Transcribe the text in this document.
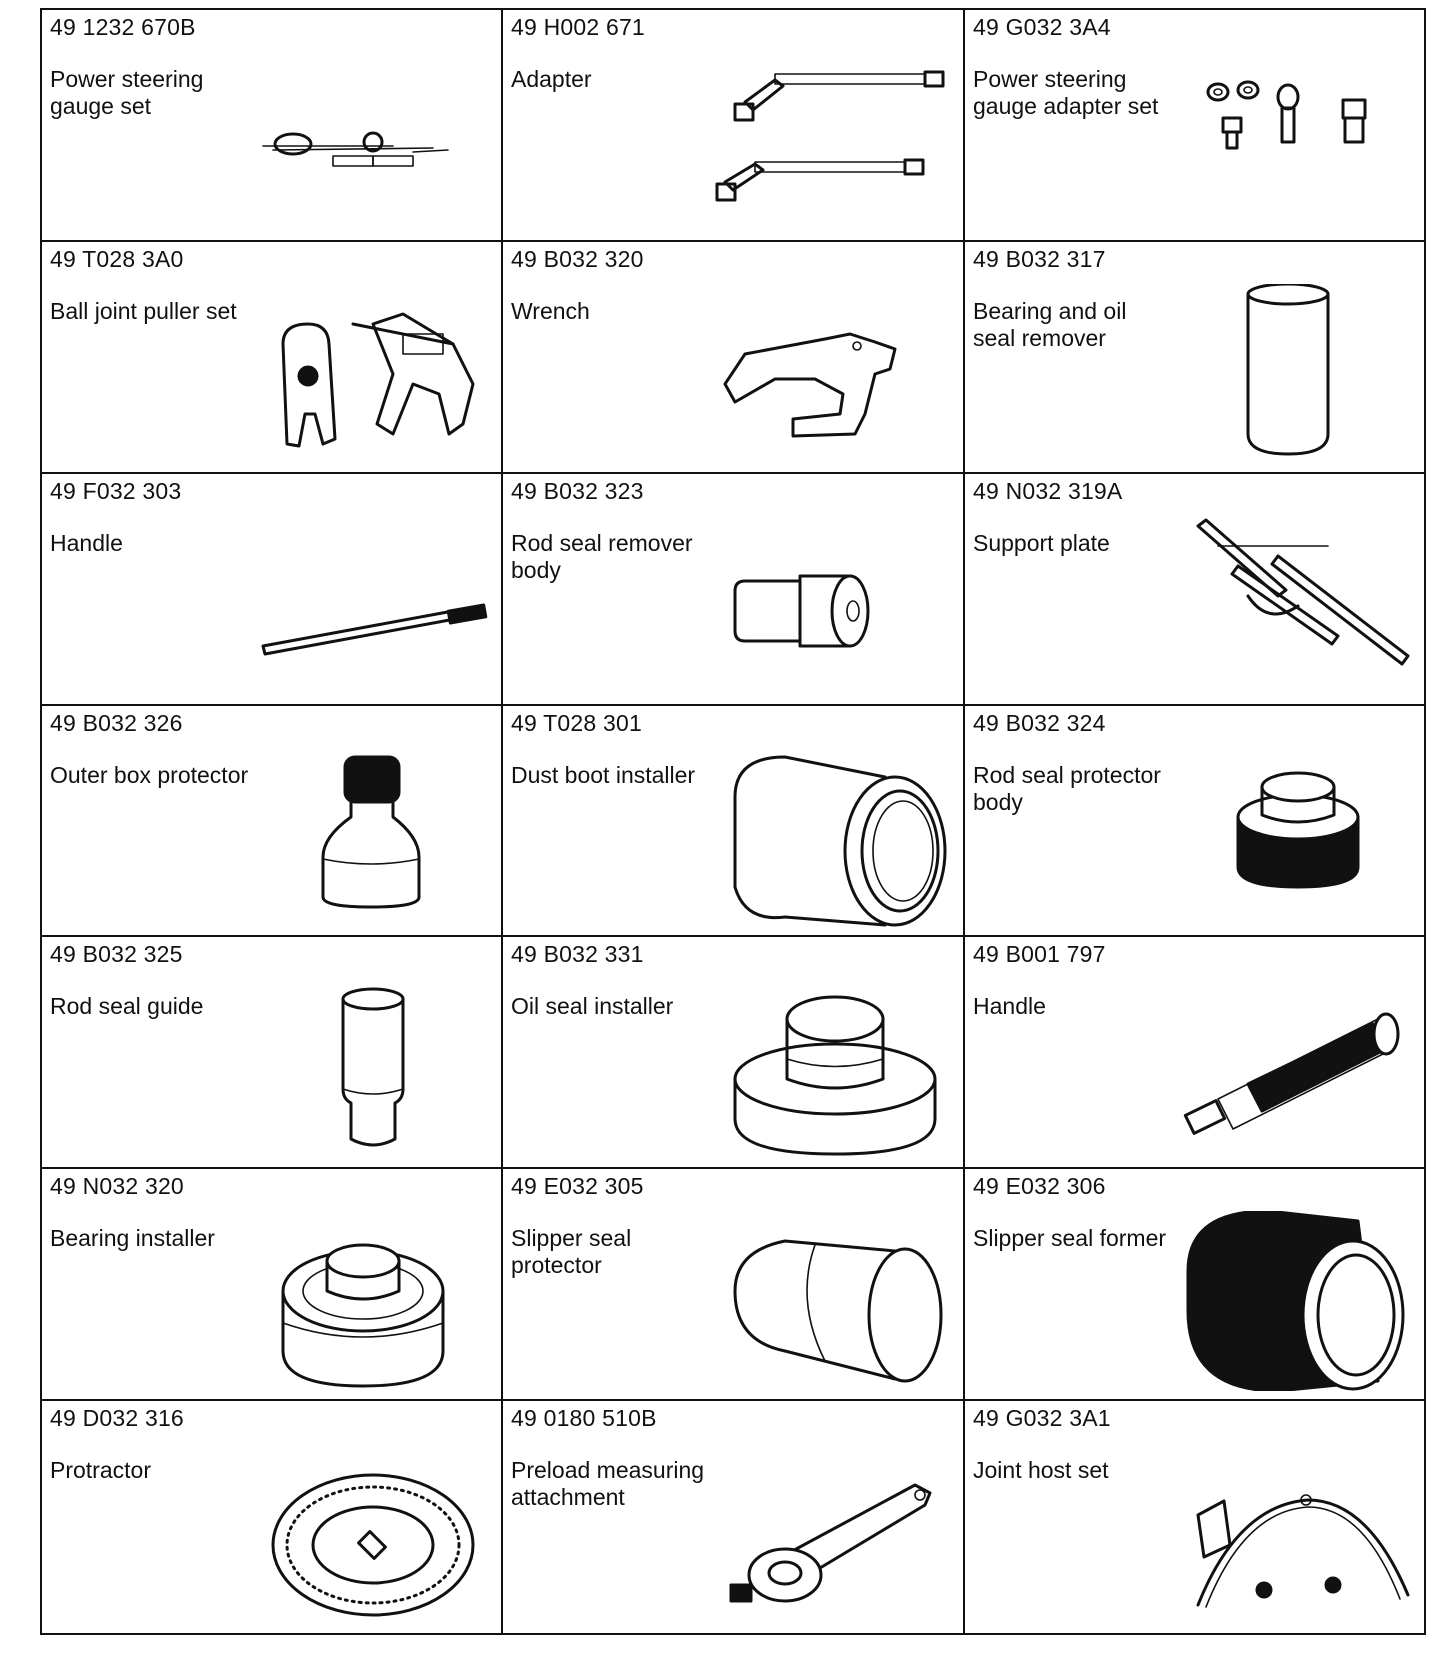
49 1232 670B
Power steering gauge set
49 H002 671
Adapter
49 G032 3A4
Power steering gauge adapter set
49 T028 3A0
Ball joint puller set
49 B032 320
Wrench
49 B032 317
Bearing and oil seal remover
49 F032 303
Handle
49 B032 323
Rod seal remover body
49 N032 319A
Support plate
49 B032 326
Outer box protector
49 T028 301
Dust boot installer
49 B032 324
Rod seal protector body
49 B032 325
Rod seal guide
49 B032 331
Oil seal installer
49 B001 797
Handle
49 N032 320
Bearing installer
49 E032 305
Slipper seal protector
49 E032 306
Slipper seal former
49 D032 316
Protractor
49 0180 510B
Preload measuring attachment
49 G032 3A1
Joint host set
